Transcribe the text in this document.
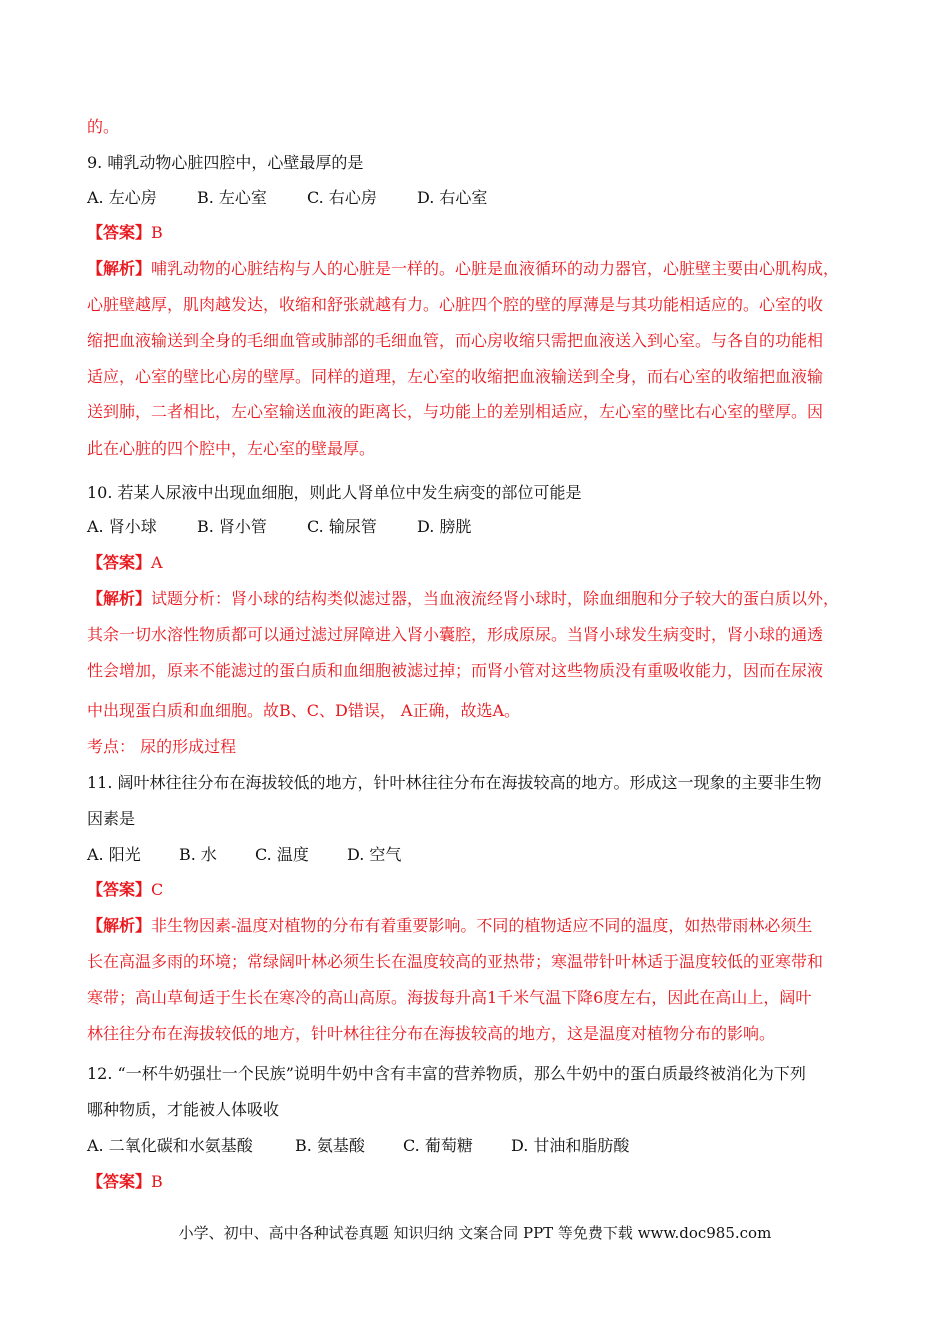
的。
9. 哺乳动物心脏四腔中，心壁最厚的是
A. 左心房	B. 左心室	C. 右心房	D. 右心室
【答案】B
【解析】哺乳动物的心脏结构与人的心脏是一样的。心脏是血液循环的动力器官，心脏壁主要由心肌构成，
心脏壁越厚，肌肉越发达，收缩和舒张就越有力。心脏四个腔的壁的厚薄是与其功能相适应的。心室的收
缩把血液输送到全身的毛细血管或肺部的毛细血管，而心房收缩只需把血液送入到心室。与各自的功能相
适应，心室的壁比心房的壁厚。同样的道理，左心室的收缩把血液输送到全身，而右心室的收缩把血液输
送到肺，二者相比，左心室输送血液的距离长，与功能上的差别相适应，左心室的壁比右心室的壁厚。因
此在心脏的四个腔中，左心室的壁最厚。
10. 若某人尿液中出现血细胞，则此人肾单位中发生病变的部位可能是
A. 肾小球	B. 肾小管	C. 输尿管	D. 膀胱
【答案】A
【解析】试题分析：肾小球的结构类似滤过器，当血液流经肾小球时，除血细胞和分子较大的蛋白质以外，
其余一切水溶性物质都可以通过滤过屏障进入肾小囊腔，形成原尿。当肾小球发生病变时，肾小球的通透
性会增加，原来不能滤过的蛋白质和血细胞被滤过掉；而肾小管对这些物质没有重吸收能力，因而在尿液
中出现蛋白质和血细胞。故B、C、D错误， A正确，故选A。
考点： 尿的形成过程
11. 阔叶林往往分布在海拔较低的地方，针叶林往往分布在海拔较高的地方。形成这一现象的主要非生物
因素是
A. 阳光 B. 水 C. 温度 D. 空气
【答案】C
【解析】非生物因素-温度对植物的分布有着重要影响。不同的植物适应不同的温度，如热带雨林必须生
长在高温多雨的环境；常绿阔叶林必须生长在温度较高的亚热带；寒温带针叶林适于温度较低的亚寒带和
寒带；高山草甸适于生长在寒冷的高山高原。海拔每升高1千米气温下降6度左右，因此在高山上，阔叶
林往往分布在海拔较低的地方，针叶林往往分布在海拔较高的地方，这是温度对植物分布的影响。
12. “一杯牛奶强壮一个民族”说明牛奶中含有丰富的营养物质，那么牛奶中的蛋白质最终被消化为下列
哪种物质，才能被人体吸收
A. 二氧化碳和水氨基酸	B. 氨基酸 C. 葡萄糖 D. 甘油和脂肪酸
【答案】B
小学、初中、高中各种试卷真题 知识归纳 文案合同 PPT 等免费下载 www.doc985.com
